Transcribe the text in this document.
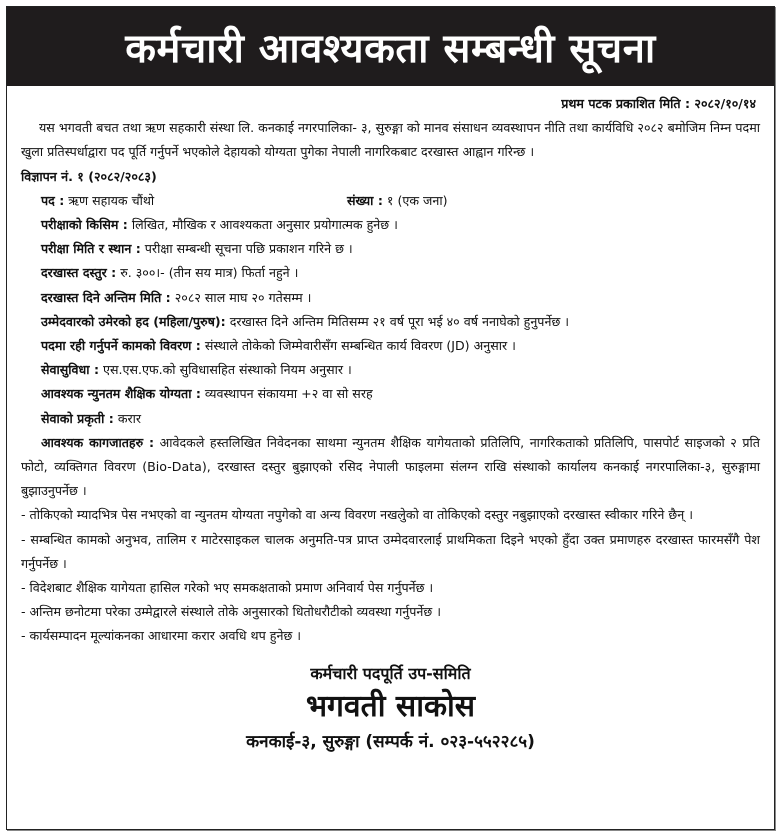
कर्मचारी आवश्यकता सम्बन्धी सूचना
प्रथम पटक प्रकाशित मिति : २०८२/१०/१४
यस भगवती बचत तथा ऋण सहकारी संस्था लि. कनकाई नगरपालिका- ३, सुरुङ्गा को मानव संसाधन व्यवस्थापन नीति तथा कार्यविधि २०८२ बमोजिम निम्न पदमा खुला प्रतिस्पर्धाद्वारा पद पूर्ति गर्नुपर्ने भएकोले देहायको योग्यता पुगेका नेपाली नागरिकबाट दरखास्त आह्वान गरिन्छ ।
विज्ञापन नं. १ (२०८२/२०८३)
पद : ऋण सहायक चौंथो	संख्या : १ (एक जना)
परीक्षाको किसिम : लिखित, मौखिक र आवश्यकता अनुसार प्रयोगात्मक हुनेछ ।
परीक्षा मिति र स्थान : परीक्षा सम्बन्धी सूचना पछि प्रकाशन गरिने छ ।
दरखास्त दस्तुर : रु. ३००।- (तीन सय मात्र) फिर्ता नहुने ।
दरखास्त दिने अन्तिम मिति : २०८२ साल माघ २० गतेसम्म ।
उम्मेदवारको उमेरको हद (महिला/पुरुष): दरखास्त दिने अन्तिम मितिसम्म २१ वर्ष पूरा भई ४० वर्ष ननाघेको हुनुपर्नेछ ।
पदमा रही गर्नुपर्ने कामको विवरण : संस्थाले तोकेको जिम्मेवारीसँग सम्बन्धित कार्य विवरण (JD) अनुसार ।
सेवासुविधा : एस.एस.एफ.को सुविधासहित संस्थाको नियम अनुसार ।
आवश्यक न्युनतम शैक्षिक योग्यता : व्यवस्थापन संकायमा +२ वा सो सरह
सेवाको प्रकृती : करार
आवश्यक कागजातहरु : आवेदकले हस्तलिखित निवेदनका साथमा न्युनतम शैक्षिक यागेयताको प्रतिलिपि, नागरिकताको प्रतिलिपि, पासपोर्ट साइजको २ प्रति फोटो, व्यक्तिगत विवरण (Bio-Data), दरखास्त दस्तुर बुझाएको रसिद नेपाली फाइलमा संलग्न राखि संस्थाको कार्यालय कनकाई नगरपालिका-३, सुरुङ्गामा बुझाउनुपर्नेछ ।
- तोकिएको म्यादभित्र पेस नभएको वा न्युनतम योग्यता नपुगेको वा अन्य विवरण नखलेुको वा तोकिएको दस्तुर नबुझाएको दरखास्त स्वीकार गरिने छैन् ।
- सम्बन्धित कामको अनुभव, तालिम र माटेरसाइकल चालक अनुमति-पत्र प्राप्त उम्मेदवारलाई प्राथमिकता दिइने भएको हुँदा उक्त प्रमाणहरु दरखास्त फारमसँगै पेश गर्नुपर्नेछ ।
- विदेशबाट शैक्षिक यागेयता हासिल गरेको भए समकक्षताको प्रमाण अनिवार्य पेस गर्नुपर्नेछ ।
- अन्तिम छनोटमा परेका उम्मेद्वारले संस्थाले तोके अनुसारको धितोधरौटीको व्यवस्था गर्नुपर्नेछ ।
- कार्यसम्पादन मूल्यांकनका आधारमा करार अवधि थप हुनेछ ।
कर्मचारी पदपूर्ति उप-समिति
भगवती साकोस
कनकाई-३, सुरुङ्गा (सम्पर्क नं. ०२३-५५२२८५)
